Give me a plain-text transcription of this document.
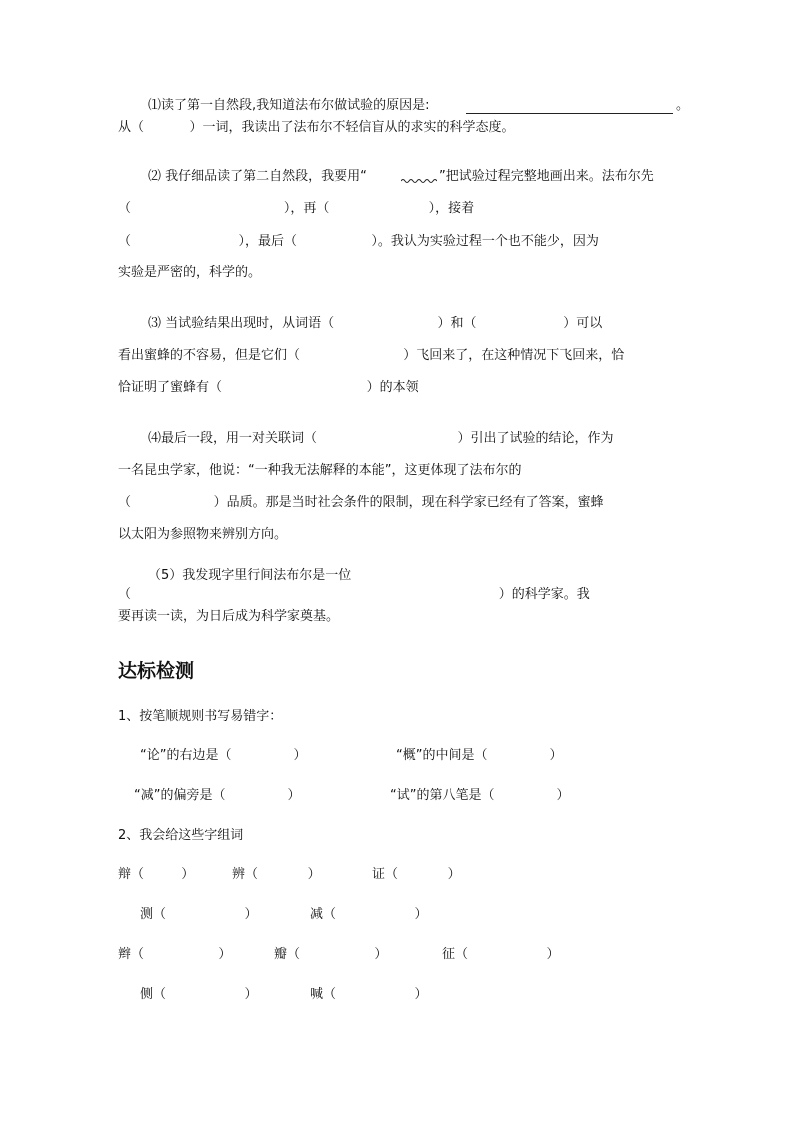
⑴读了第一自然段,我知道法布尔做试验的原因是:	。
从（           ）一词，我读出了法布尔不轻信盲从的求实的科学态度。
⑵ 我仔细品读了第二自然段，我要用“	”把试验过程完整地画出来。法布尔先
（                                     ），再（                        ），接着
（                          ），最后（                  ）。我认为实验过程一个也不能少，因为
实验是严密的，科学的。
⑶ 当试验结果出现时，从词语（                         ）和（                     ）可以
看出蜜蜂的不容易，但是它们（                         ）飞回来了，在这种情况下飞回来，恰
恰证明了蜜蜂有（                                   ）的本领
⑷最后一段，用一对关联词（                                  ）引出了试验的结论，作为
一名昆虫学家，他说：“一种我无法解释的本能”，这更体现了法布尔的
（                    ）品质。那是当时社会条件的限制，现在科学家已经有了答案，蜜蜂
以太阳为参照物来辨别方向。
（5）我发现字里行间法布尔是一位
（                                                                                         ）的科学家。我
要再读一读，为日后成为科学家奠基。
达标检测
1、按笔顺规则书写易错字：
“论”的右边是（               ）	“概”的中间是（               ）
“减”的偏旁是（               ）	“试”的第八笔是（               ）
2、我会给这些字组词
辩（         ）	辨（            ）	证（            ）
测（                   ）	减（                   ）
辫（                  ）	瓣（                  ）	征（                   ）
侧（                   ）	喊（                   ）
